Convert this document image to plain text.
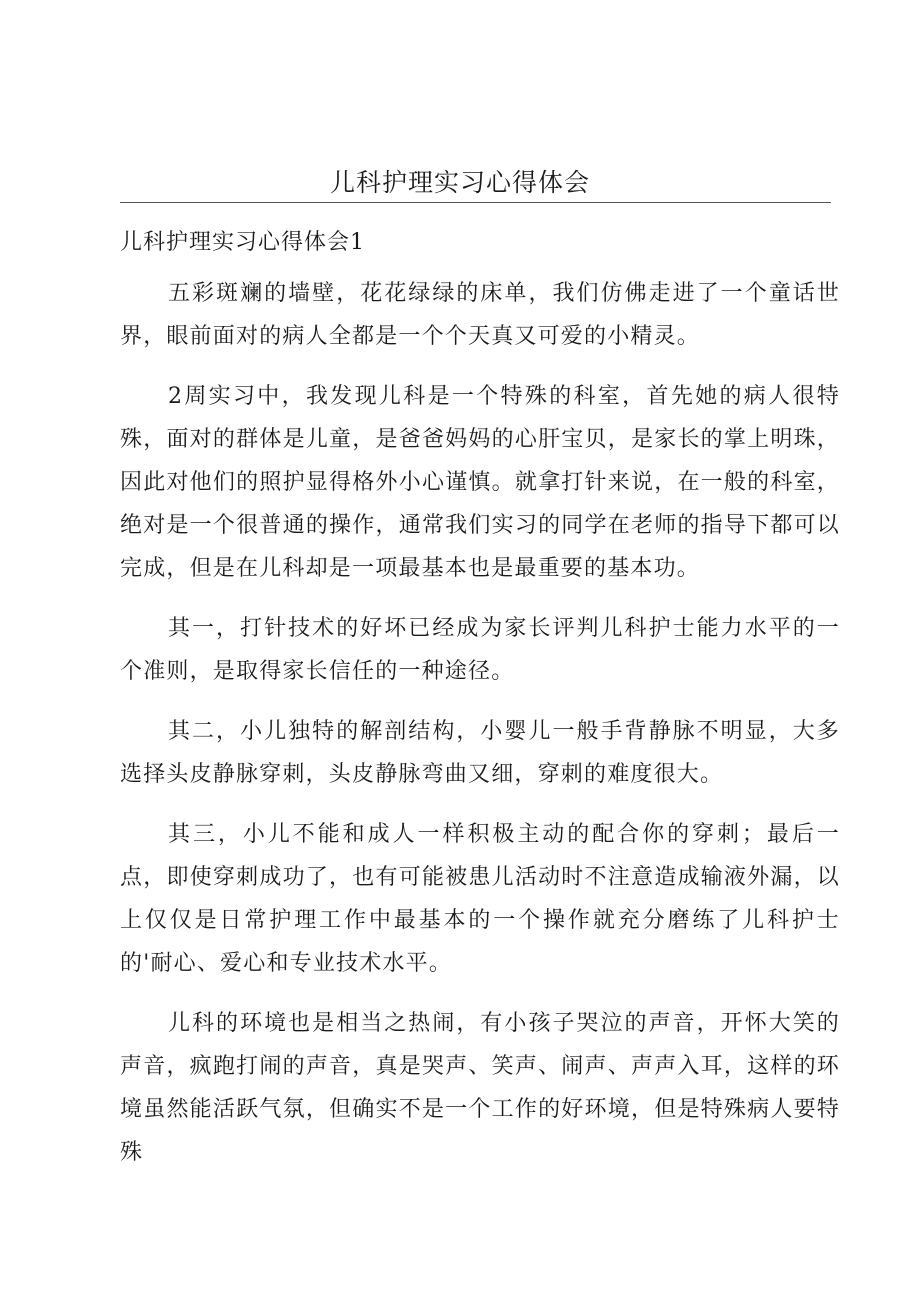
儿科护理实习心得体会
儿科护理实习心得体会1

五彩斑斓的墙壁，花花绿绿的床单，我们仿佛走进了一个童话世界，眼前面对的病人全都是一个个天真又可爱的小精灵。

2周实习中，我发现儿科是一个特殊的科室，首先她的病人很特殊，面对的群体是儿童，是爸爸妈妈的心肝宝贝，是家长的掌上明珠，因此对他们的照护显得格外小心谨慎。就拿打针来说，在一般的科室，绝对是一个很普通的操作，通常我们实习的同学在老师的指导下都可以完成，但是在儿科却是一项最基本也是最重要的基本功。

其一，打针技术的好坏已经成为家长评判儿科护士能力水平的一个准则，是取得家长信任的一种途径。

其二，小儿独特的解剖结构，小婴儿一般手背静脉不明显，大多选择头皮静脉穿刺，头皮静脉弯曲又细，穿刺的难度很大。

其三，小儿不能和成人一样积极主动的配合你的穿刺；最后一点，即使穿刺成功了，也有可能被患儿活动时不注意造成输液外漏，以上仅仅是日常护理工作中最基本的一个操作就充分磨练了儿科护士的'耐心、爱心和专业技术水平。

儿科的环境也是相当之热闹，有小孩子哭泣的声音，开怀大笑的声音，疯跑打闹的声音，真是哭声、笑声、闹声、声声入耳，这样的环境虽然能活跃气氛，但确实不是一个工作的好环境，但是特殊病人要特殊
